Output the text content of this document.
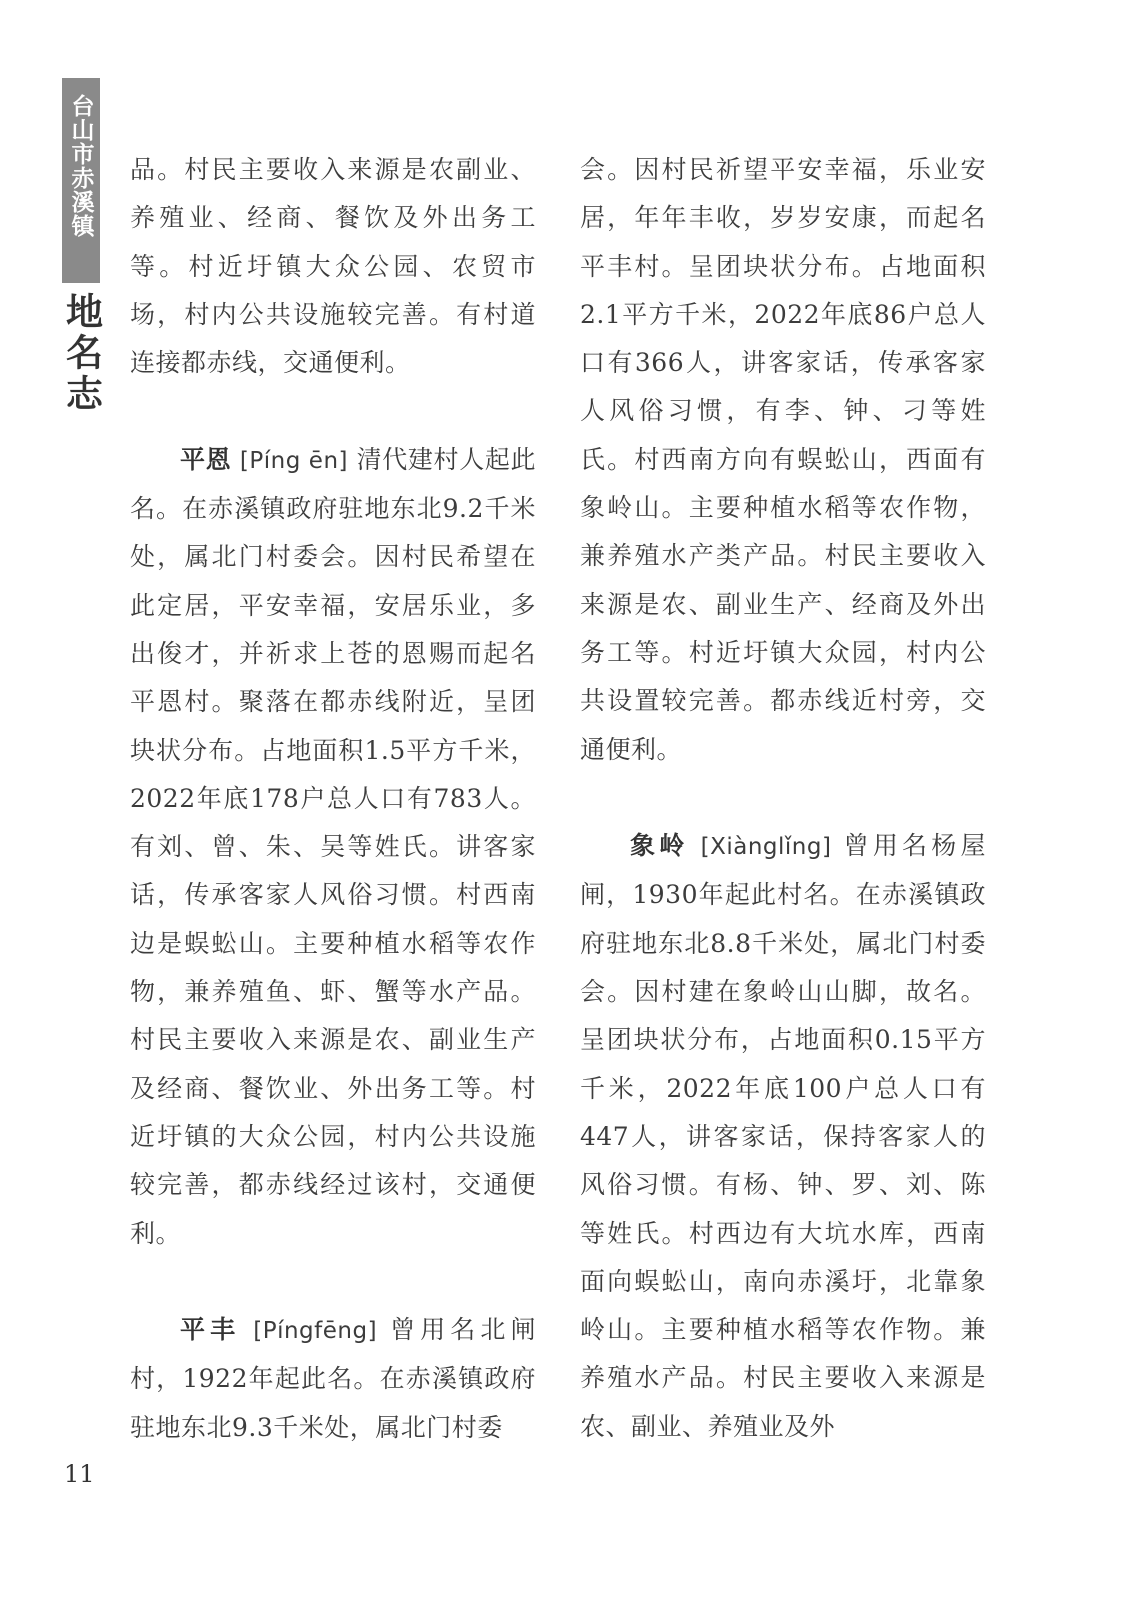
台山市赤溪镇
地名志

品。村民主要收入来源是农副业、养殖业、经商、餐饮及外出务工等。村近圩镇大众公园、农贸市场，村内公共设施较完善。有村道连接都赤线，交通便利。

平恩 [Píng ēn] 清代建村人起此名。在赤溪镇政府驻地东北9.2千米处，属北门村委会。因村民希望在此定居，平安幸福，安居乐业，多出俊才，并祈求上苍的恩赐而起名平恩村。聚落在都赤线附近，呈团块状分布。占地面积1.5平方千米，2022年底178户总人口有783人。有刘、曾、朱、吴等姓氏。讲客家话，传承客家人风俗习惯。村西南边是蜈蚣山。主要种植水稻等农作物，兼养殖鱼、虾、蟹等水产品。村民主要收入来源是农、副业生产及经商、餐饮业、外出务工等。村近圩镇的大众公园，村内公共设施较完善，都赤线经过该村，交通便利。

平丰 [Píngfēng] 曾用名北闸村，1922年起此名。在赤溪镇政府驻地东北9.3千米处，属北门村委

会。因村民祈望平安幸福，乐业安居，年年丰收，岁岁安康，而起名平丰村。呈团块状分布。占地面积2.1平方千米，2022年底86户总人口有366人，讲客家话，传承客家人风俗习惯，有李、钟、刁等姓氏。村西南方向有蜈蚣山，西面有象岭山。主要种植水稻等农作物，兼养殖水产类产品。村民主要收入来源是农、副业生产、经商及外出务工等。村近圩镇大众园，村内公共设置较完善。都赤线近村旁，交通便利。

象岭 [Xiànglǐng] 曾用名杨屋闸，1930年起此村名。在赤溪镇政府驻地东北8.8千米处，属北门村委会。因村建在象岭山山脚，故名。呈团块状分布，占地面积0.15平方千米，2022年底100户总人口有447人，讲客家话，保持客家人的风俗习惯。有杨、钟、罗、刘、陈等姓氏。村西边有大坑水库，西南面向蜈蚣山，南向赤溪圩，北靠象岭山。主要种植水稻等农作物。兼养殖水产品。村民主要收入来源是农、副业、养殖业及外

11
